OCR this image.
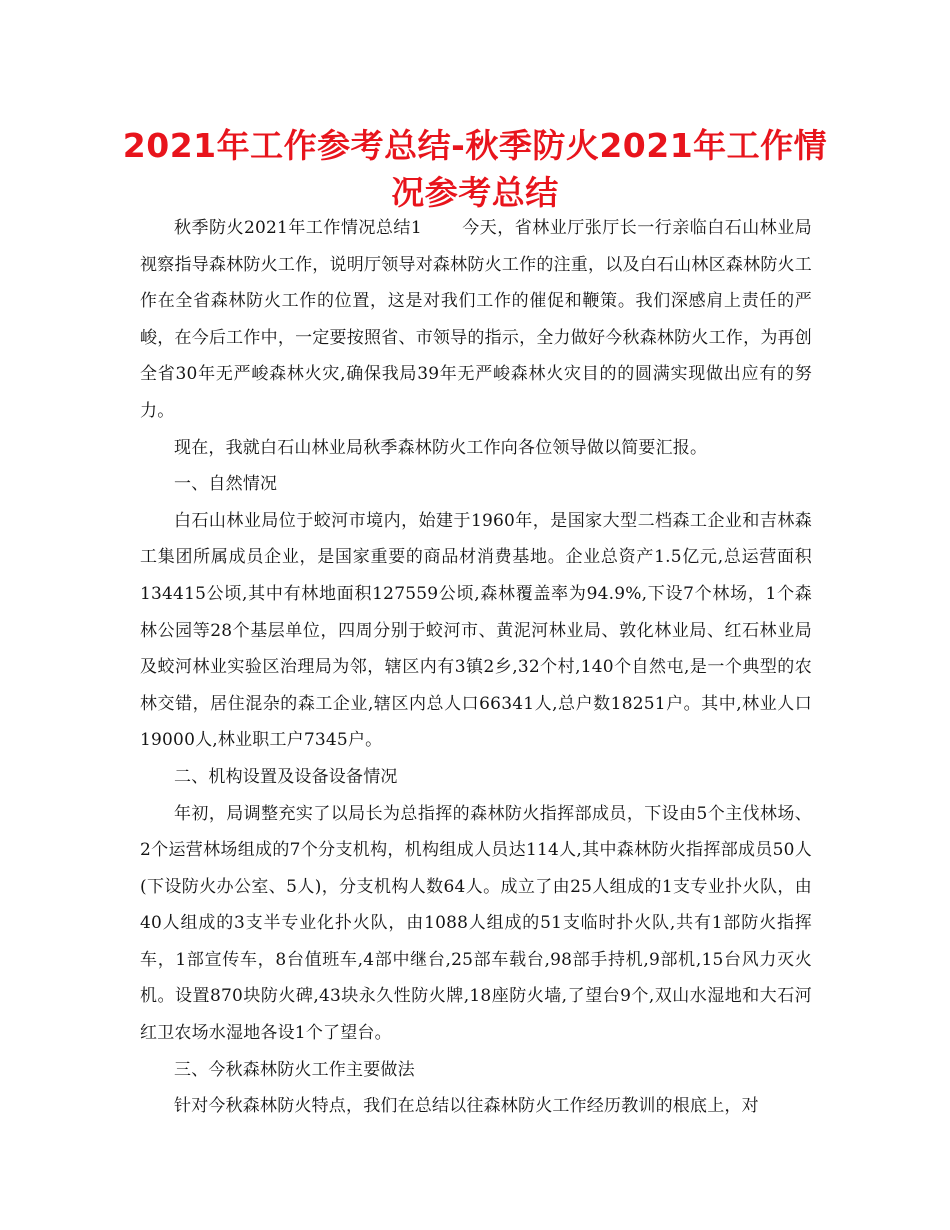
2021年工作参考总结-秋季防火2021年工作情况参考总结

秋季防火2021年工作情况总结1 今天，省林业厅张厅长一行亲临白石山林业局视察指导森林防火工作，说明厅领导对森林防火工作的注重，以及白石山林区森林防火工作在全省森林防火工作的位置，这是对我们工作的催促和鞭策。我们深感肩上责任的严峻，在今后工作中，一定要按照省、市领导的指示，全力做好今秋森林防火工作，为再创全省30年无严峻森林火灾,确保我局39年无严峻森林火灾目的的圆满实现做出应有的努力。

现在，我就白石山林业局秋季森林防火工作向各位领导做以简要汇报。

一、自然情况

白石山林业局位于蛟河市境内，始建于1960年，是国家大型二档森工企业和吉林森工集团所属成员企业，是国家重要的商品材消费基地。企业总资产1.5亿元,总运营面积134415公顷,其中有林地面积127559公顷,森林覆盖率为94.9%,下设7个林场，1个森林公园等28个基层单位，四周分别于蛟河市、黄泥河林业局、敦化林业局、红石林业局及蛟河林业实验区治理局为邻，辖区内有3镇2乡,32个村,140个自然屯,是一个典型的农林交错，居住混杂的森工企业,辖区内总人口66341人,总户数18251户。其中,林业人口19000人,林业职工户7345户。

二、机构设置及设备设备情况

年初，局调整充实了以局长为总指挥的森林防火指挥部成员，下设由5个主伐林场、2个运营林场组成的7个分支机构，机构组成人员达114人,其中森林防火指挥部成员50人(下设防火办公室、5人)，分支机构人数64人。成立了由25人组成的1支专业扑火队，由40人组成的3支半专业化扑火队，由1088人组成的51支临时扑火队,共有1部防火指挥车，1部宣传车，8台值班车,4部中继台,25部车载台,98部手持机,9部机,15台风力灭火机。设置870块防火碑,43块永久性防火牌,18座防火墙,了望台9个,双山水湿地和大石河红卫农场水湿地各设1个了望台。

三、今秋森林防火工作主要做法

针对今秋森林防火特点，我们在总结以往森林防火工作经历教训的根底上，对
